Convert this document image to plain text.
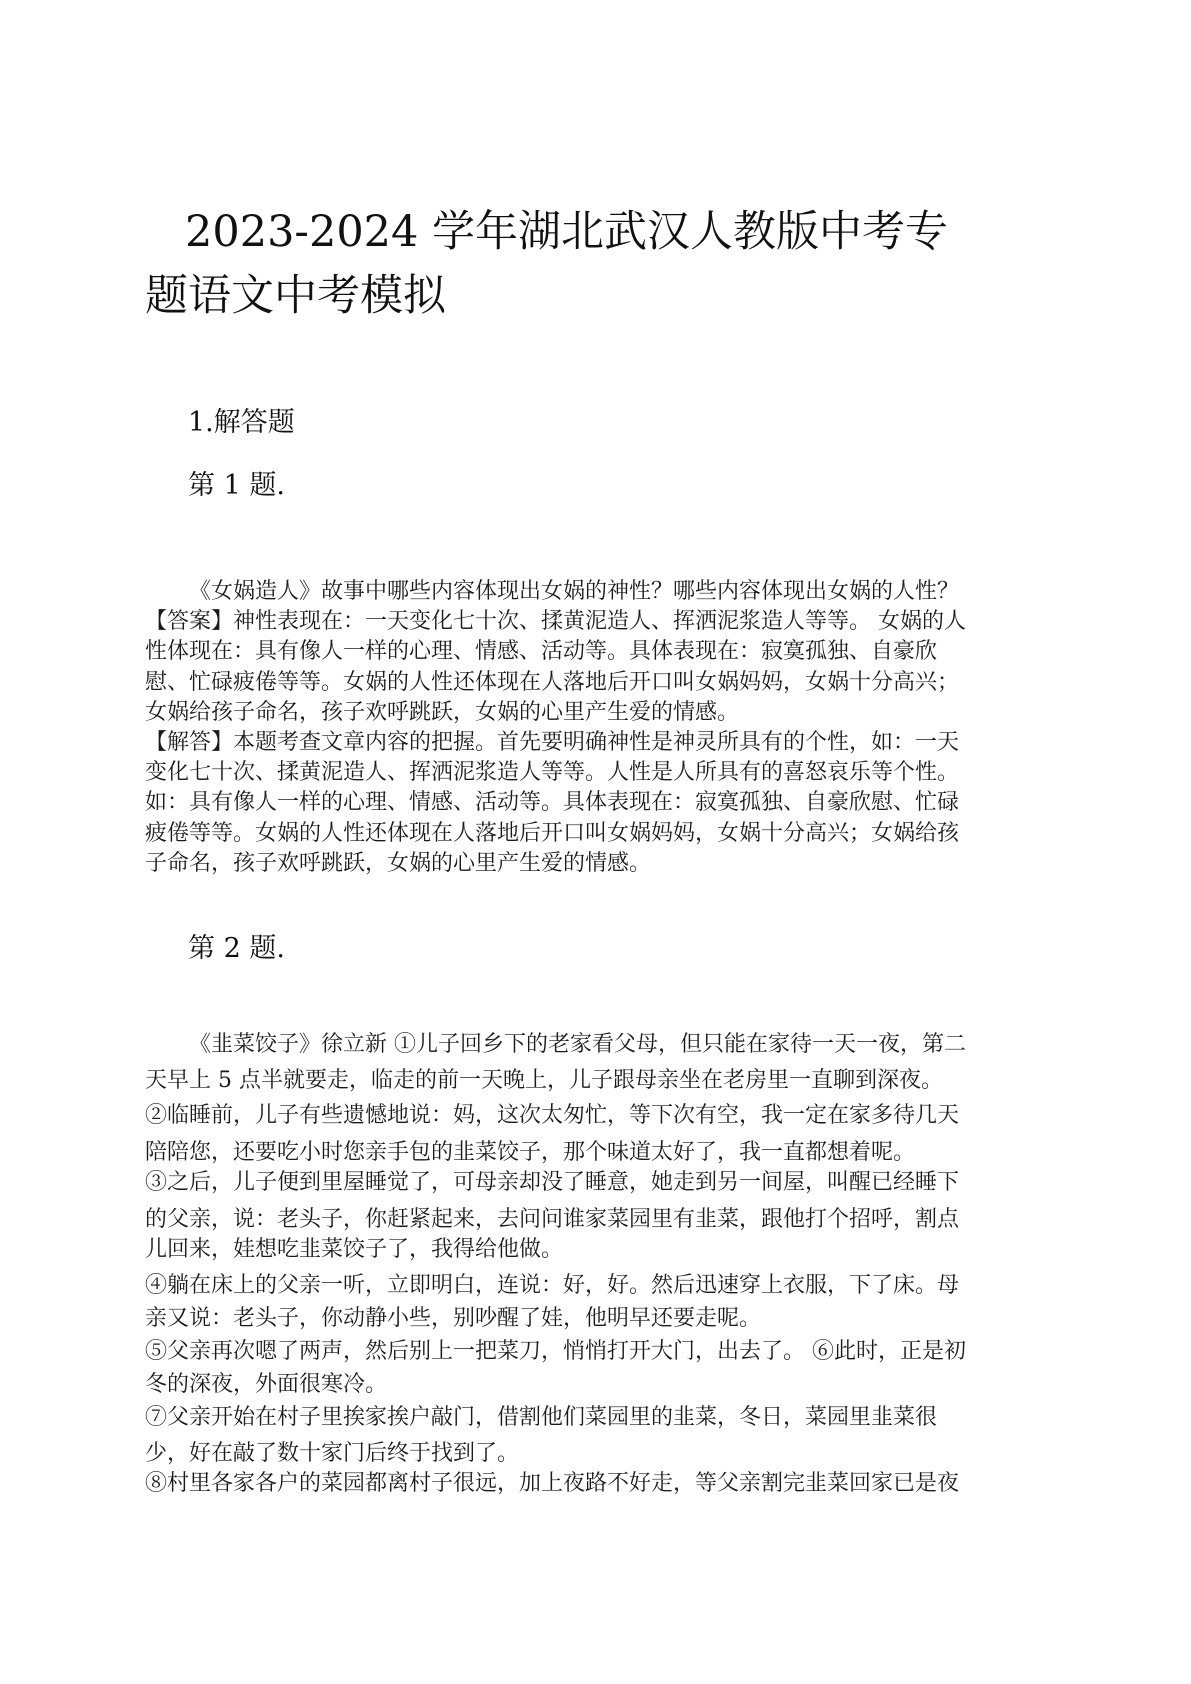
2023-2024 学年湖北武汉人教版中考专
题语文中考模拟
1.解答题
第 1 题.

《女娲造人》故事中哪些内容体现出女娲的神性？哪些内容体现出女娲的人性？

【答案】神性表现在：一天变化七十次、揉黄泥造人、挥洒泥浆造人等等。 女娲的人

性体现在：具有像人一样的心理、情感、活动等。具体表现在：寂寞孤独、自豪欣

慰、忙碌疲倦等等。女娲的人性还体现在人落地后开口叫女娲妈妈，女娲十分高兴；

女娲给孩子命名，孩子欢呼跳跃，女娲的心里产生爱的情感。

【解答】本题考查文章内容的把握。首先要明确神性是神灵所具有的个性，如：一天

变化七十次、揉黄泥造人、挥洒泥浆造人等等。人性是人所具有的喜怒哀乐等个性。

如：具有像人一样的心理、情感、活动等。具体表现在：寂寞孤独、自豪欣慰、忙碌

疲倦等等。女娲的人性还体现在人落地后开口叫女娲妈妈，女娲十分高兴；女娲给孩

子命名，孩子欢呼跳跃，女娲的心里产生爱的情感。

第 2 题.

《韭菜饺子》徐立新 ①儿子回乡下的老家看父母，但只能在家待一天一夜，第二

天早上 5 点半就要走，临走的前一天晚上，儿子跟母亲坐在老房里一直聊到深夜。

②临睡前，儿子有些遗憾地说：妈，这次太匆忙，等下次有空，我一定在家多待几天

陪陪您，还要吃小时您亲手包的韭菜饺子，那个味道太好了，我一直都想着呢。

③之后，儿子便到里屋睡觉了，可母亲却没了睡意，她走到另一间屋，叫醒已经睡下

的父亲，说：老头子，你赶紧起来，去问问谁家菜园里有韭菜，跟他打个招呼，割点

儿回来，娃想吃韭菜饺子了，我得给他做。

④躺在床上的父亲一听，立即明白，连说：好，好。然后迅速穿上衣服，下了床。母

亲又说：老头子，你动静小些，别吵醒了娃，他明早还要走呢。

⑤父亲再次嗯了两声，然后别上一把菜刀，悄悄打开大门，出去了。 ⑥此时，正是初

冬的深夜，外面很寒冷。

⑦父亲开始在村子里挨家挨户敲门，借割他们菜园里的韭菜，冬日，菜园里韭菜很

少，好在敲了数十家门后终于找到了。

⑧村里各家各户的菜园都离村子很远，加上夜路不好走，等父亲割完韭菜回家已是夜
